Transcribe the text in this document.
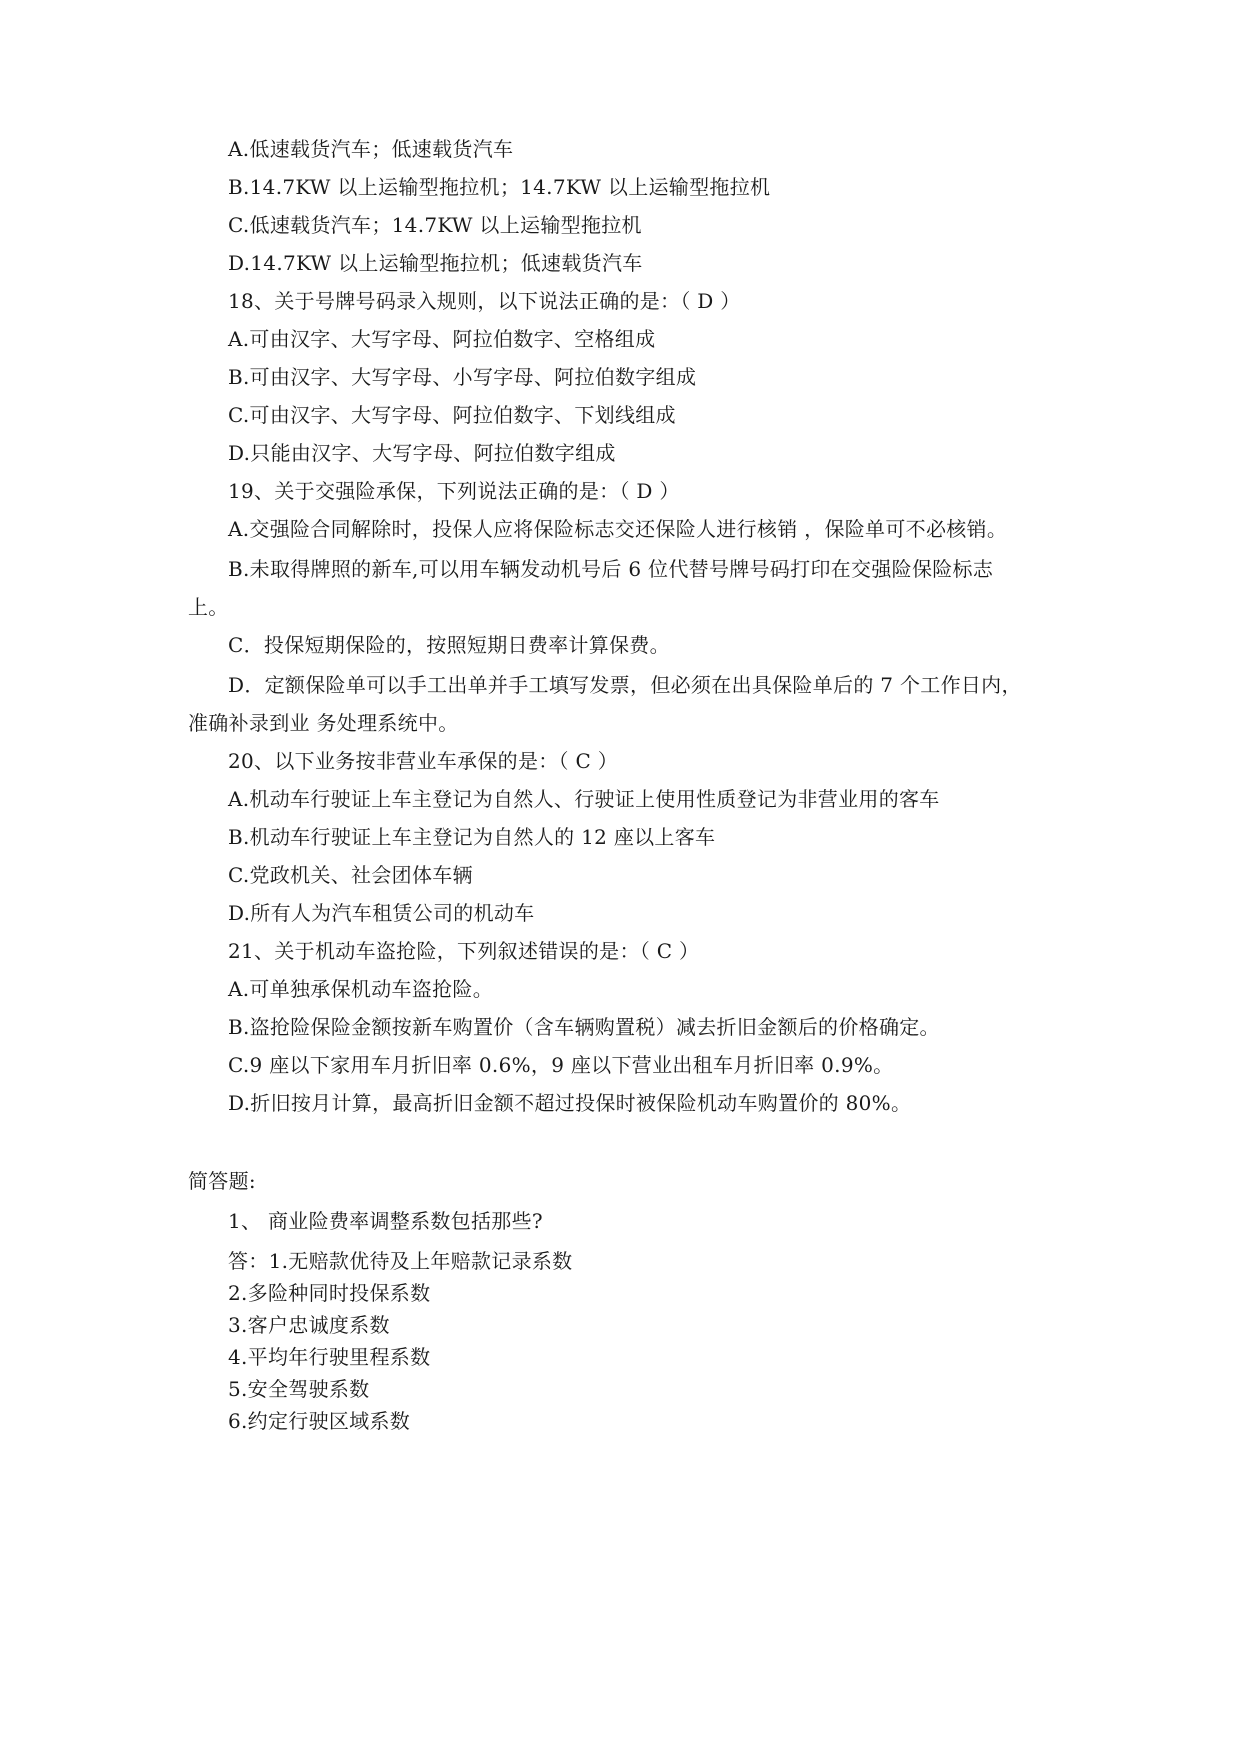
A.低速载货汽车；低速载货汽车
B.14.7KW 以上运输型拖拉机；14.7KW 以上运输型拖拉机
C.低速载货汽车；14.7KW 以上运输型拖拉机
D.14.7KW 以上运输型拖拉机；低速载货汽车
18、关于号牌号码录入规则，以下说法正确的是：（ D ）
A.可由汉字、大写字母、阿拉伯数字、空格组成
B.可由汉字、大写字母、小写字母、阿拉伯数字组成
C.可由汉字、大写字母、阿拉伯数字、下划线组成
D.只能由汉字、大写字母、阿拉伯数字组成
19、关于交强险承保，下列说法正确的是：（ D ）
A.交强险合同解除时，投保人应将保险标志交还保险人进行核销 ，保险单可不必核销。
B.未取得牌照的新车,可以用车辆发动机号后 6 位代替号牌号码打印在交强险保险标志
上。
C．投保短期保险的，按照短期日费率计算保费。
D．定额保险单可以手工出单并手工填写发票，但必须在出具保险单后的 7 个工作日内，
准确补录到业 务处理系统中。
20、以下业务按非营业车承保的是：（ C ）
A.机动车行驶证上车主登记为自然人、行驶证上使用性质登记为非营业用的客车
B.机动车行驶证上车主登记为自然人的 12 座以上客车
C.党政机关、社会团体车辆
D.所有人为汽车租赁公司的机动车
21、关于机动车盗抢险，下列叙述错误的是：（ C ）
A.可单独承保机动车盗抢险。
B.盗抢险保险金额按新车购置价（含车辆购置税）减去折旧金额后的价格确定。
C.9 座以下家用车月折旧率 0.6%，9 座以下营业出租车月折旧率 0.9%。
D.折旧按月计算，最高折旧金额不超过投保时被保险机动车购置价的 80%。
简答题:
1、 商业险费率调整系数包括那些?
答：1.无赔款优待及上年赔款记录系数
2.多险种同时投保系数
3.客户忠诚度系数
4.平均年行驶里程系数
5.安全驾驶系数
6.约定行驶区域系数
